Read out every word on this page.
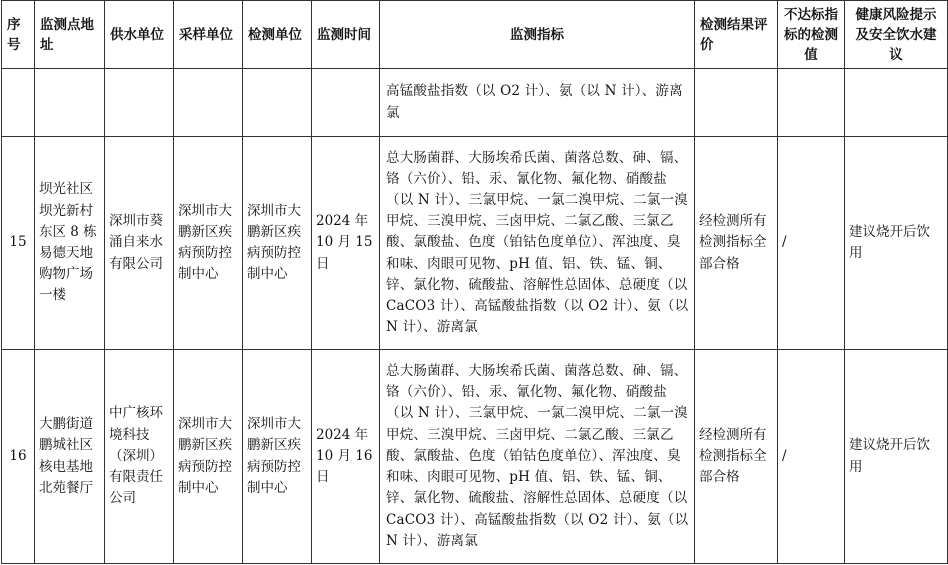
序号	监测点地址	供水单位	采样单位	检测单位	监测时间	监测指标	检测结果评价	不达标指标的检测值	健康风险提示及安全饮水建议
						高锰酸盐指数（以 O2 计）、氨（以 N 计）、游离氯			
15	坝光社区坝光新村东区 8 栋易德天地购物广场一楼	深圳市葵涌自来水有限公司	深圳市大鹏新区疾病预防控制中心	深圳市大鹏新区疾病预防控制中心	2024 年 10 月 15 日	总大肠菌群、大肠埃希氏菌、菌落总数、砷、镉、铬（六价）、铅、汞、氰化物、氟化物、硝酸盐（以 N 计）、三氯甲烷、一氯二溴甲烷、二氯一溴甲烷、三溴甲烷、三卤甲烷、二氯乙酸、三氯乙酸、氯酸盐、色度（铂钴色度单位）、浑浊度、臭和味、肉眼可见物、pH 值、铝、铁、锰、铜、锌、氯化物、硫酸盐、溶解性总固体、总硬度（以 CaCO3 计）、高锰酸盐指数（以 O2 计）、氨（以 N 计）、游离氯	经检测所有检测指标全部合格	/	建议烧开后饮用
16	大鹏街道鹏城社区核电基地北苑餐厅	中广核环境科技（深圳）有限责任公司	深圳市大鹏新区疾病预防控制中心	深圳市大鹏新区疾病预防控制中心	2024 年 10 月 16 日	总大肠菌群、大肠埃希氏菌、菌落总数、砷、镉、铬（六价）、铅、汞、氰化物、氟化物、硝酸盐（以 N 计）、三氯甲烷、一氯二溴甲烷、二氯一溴甲烷、三溴甲烷、三卤甲烷、二氯乙酸、三氯乙酸、氯酸盐、色度（铂钴色度单位）、浑浊度、臭和味、肉眼可见物、pH 值、铝、铁、锰、铜、锌、氯化物、硫酸盐、溶解性总固体、总硬度（以 CaCO3 计）、高锰酸盐指数（以 O2 计）、氨（以 N 计）、游离氯	经检测所有检测指标全部合格	/	建议烧开后饮用
